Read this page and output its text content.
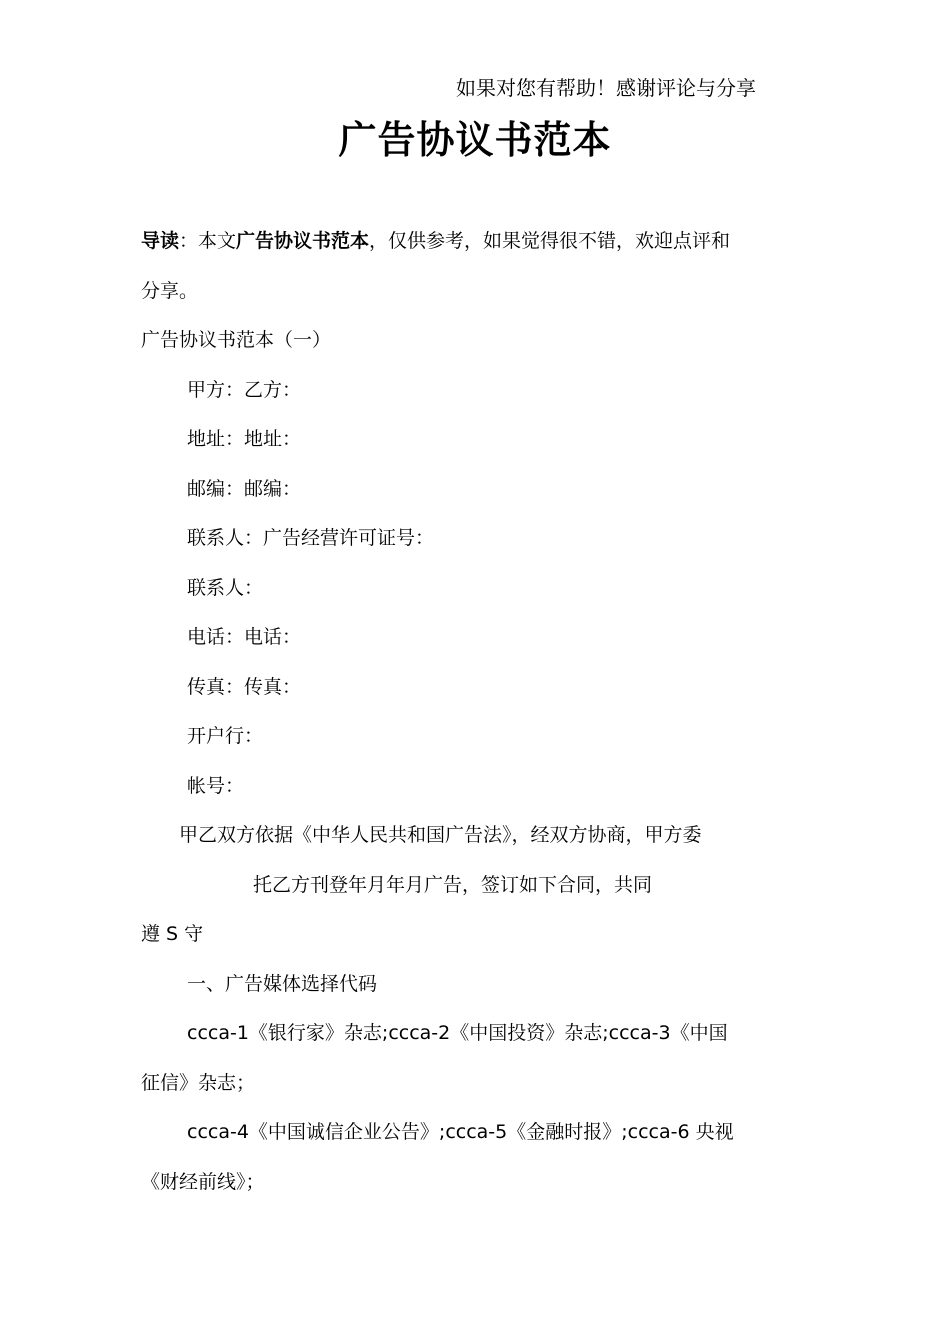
如果对您有帮助！感谢评论与分享
广告协议书范本
导读：本文广告协议书范本，仅供参考，如果觉得很不错，欢迎点评和
分享。
广告协议书范本（一）
甲方：乙方：
地址：地址：
邮编：邮编：
联系人：广告经营许可证号：
联系人：
电话：电话：
传真：传真：
开户行：
帐号：
甲乙双方依据《中华人民共和国广告法》，经双方协商，甲方委
托乙方刊登年月年月广告，签订如下合同，共同
遵 S 守
一、广告媒体选择代码
ccca-1《银行家》杂志;ccca-2《中国投资》杂志;ccca-3《中国
征信》杂志；
ccca-4《中国诚信企业公告》;ccca-5《金融时报》;ccca-6 央视
《财经前线》；
